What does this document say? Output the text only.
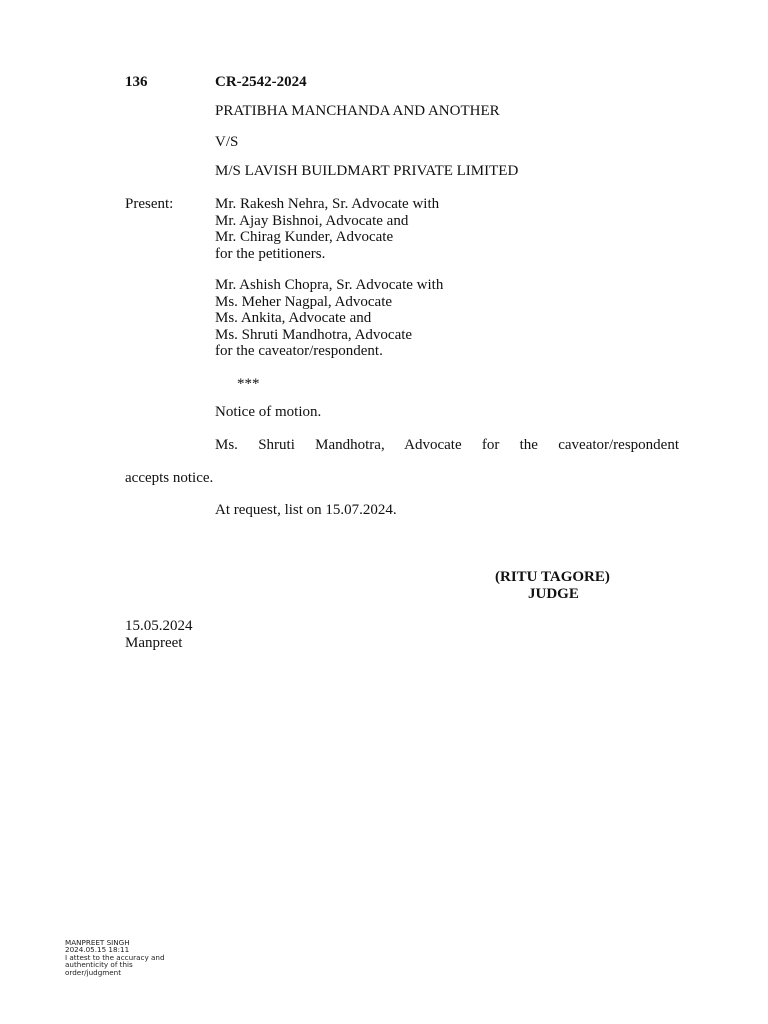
136	CR-2542-2024
PRATIBHA MANCHANDA AND ANOTHER
V/S
M/S LAVISH BUILDMART PRIVATE LIMITED
Present:	Mr. Rakesh Nehra, Sr. Advocate with
Mr. Ajay Bishnoi, Advocate and
Mr. Chirag Kunder, Advocate
for the petitioners.
Mr. Ashish Chopra, Sr. Advocate with
Ms. Meher Nagpal, Advocate
Ms. Ankita, Advocate and
Ms. Shruti Mandhotra, Advocate
for the caveator/respondent.
***
Notice of motion.
Ms. Shruti Mandhotra, Advocate for the caveator/respondent
accepts notice.
At request, list on 15.07.2024.
(RITU TAGORE)
JUDGE
15.05.2024
Manpreet
MANPREET SINGH
2024.05.15 18:11
I attest to the accuracy and
authenticity of this
order/judgment
